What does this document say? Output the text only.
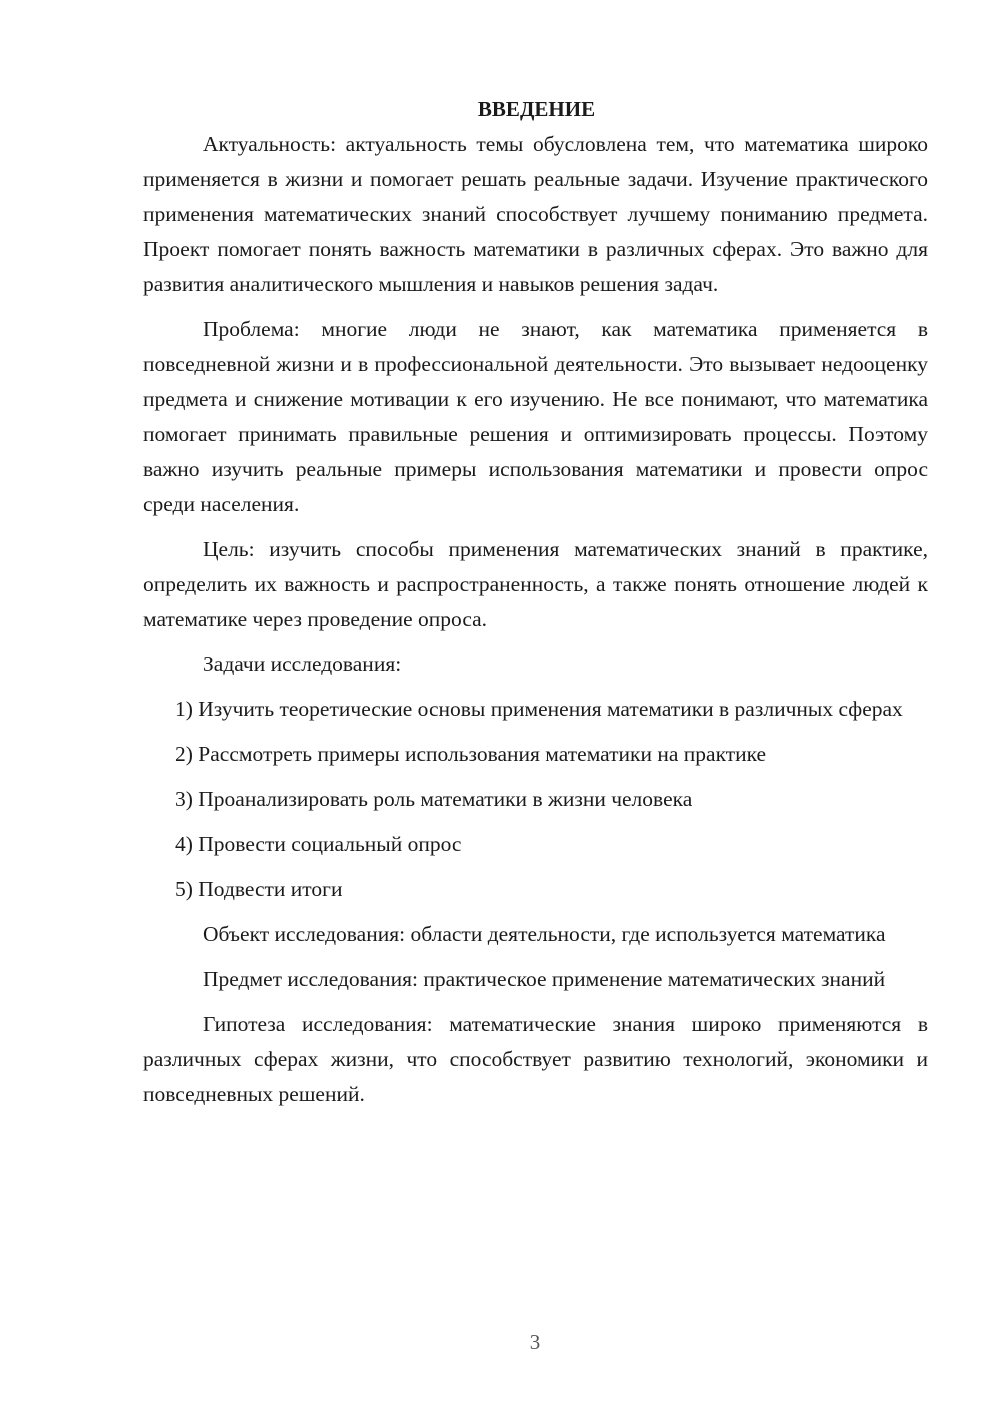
ВВЕДЕНИЕ

Актуальность: актуальность темы обусловлена тем, что математика широко применяется в жизни и помогает решать реальные задачи. Изучение практического применения математических знаний способствует лучшему пониманию предмета. Проект помогает понять важность математики в различных сферах. Это важно для развития аналитического мышления и навыков решения задач.

Проблема: многие люди не знают, как математика применяется в повседневной жизни и в профессиональной деятельности. Это вызывает недооценку предмета и снижение мотивации к его изучению. Не все понимают, что математика помогает принимать правильные решения и оптимизировать процессы. Поэтому важно изучить реальные примеры использования математики и провести опрос среди населения.

Цель: изучить способы применения математических знаний в практике, определить их важность и распространенность, а также понять отношение людей к математике через проведение опроса.

Задачи исследования:

1) Изучить теоретические основы применения математики в различных сферах

2) Рассмотреть примеры использования математики на практике

3) Проанализировать роль математики в жизни человека

4) Провести социальный опрос

5) Подвести итоги

Объект исследования: области деятельности, где используется математика

Предмет исследования: практическое применение математических знаний

Гипотеза исследования: математические знания широко применяются в различных сферах жизни, что способствует развитию технологий, экономики и повседневных решений.

3
